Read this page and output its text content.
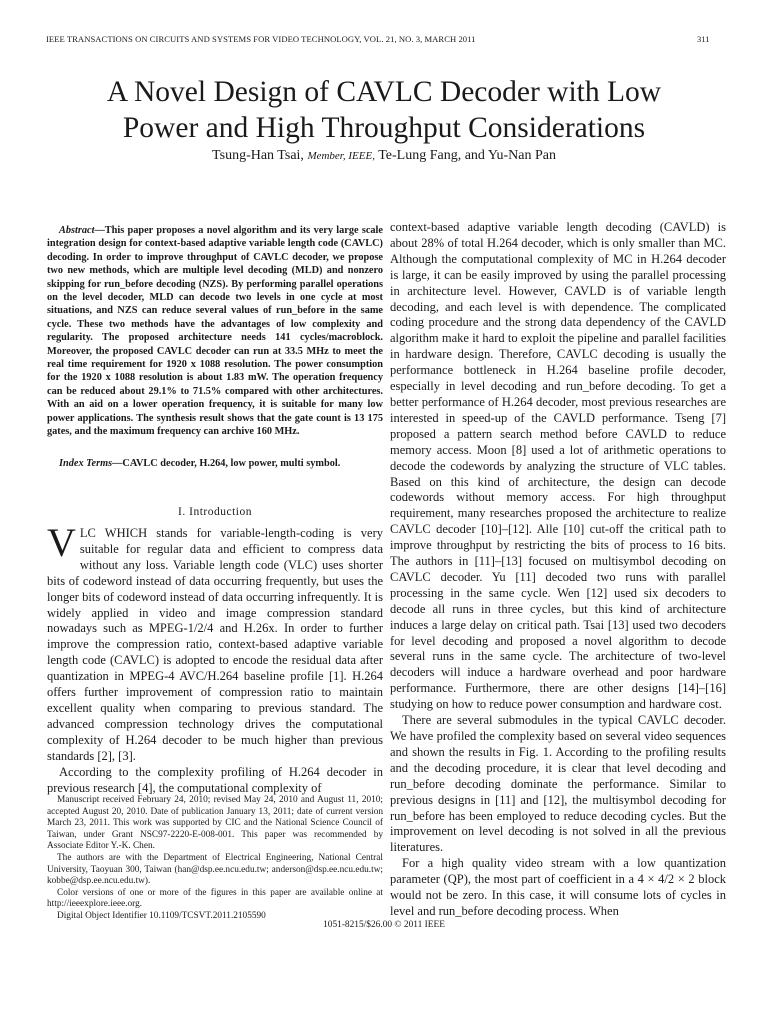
IEEE TRANSACTIONS ON CIRCUITS AND SYSTEMS FOR VIDEO TECHNOLOGY, VOL. 21, NO. 3, MARCH 2011	311
A Novel Design of CAVLC Decoder with Low
Power and High Throughput Considerations
Tsung-Han Tsai, Member, IEEE, Te-Lung Fang, and Yu-Nan Pan
Abstract—This paper proposes a novel algorithm and its very large scale integration design for context-based adaptive variable length code (CAVLC) decoding. In order to improve throughput of CAVLC decoder, we propose two new methods, which are multiple level decoding (MLD) and nonzero skipping for run_before decoding (NZS). By performing parallel operations on the level decoder, MLD can decode two levels in one cycle at most situations, and NZS can reduce several values of run_before in the same cycle. These two methods have the advantages of low complexity and regularity. The proposed architecture needs 141 cycles/macroblock. Moreover, the proposed CAVLC decoder can run at 33.5 MHz to meet the real time requirement for 1920 x 1088 resolution. The power consumption for the 1920 x 1088 resolution is about 1.83 mW. The operation frequency can be reduced about 29.1% to 71.5% compared with other architectures. With an aid on a lower operation frequency, it is suitable for many low power applications. The synthesis result shows that the gate count is 13 175 gates, and the maximum frequency can archive 160 MHz.
Index Terms—CAVLC decoder, H.264, low power, multi symbol.
I. Introduction

VLC WHICH stands for variable-length-coding is very suitable for regular data and efficient to compress data without any loss. Variable length code (VLC) uses shorter bits of codeword instead of data occurring frequently, but uses the longer bits of codeword instead of data occurring infrequently. It is widely applied in video and image compression standard nowadays such as MPEG-1/2/4 and H.26x. In order to further improve the compression ratio, context-based adaptive variable length code (CAVLC) is adopted to encode the residual data after quantization in MPEG-4 AVC/H.264 baseline profile [1]. H.264 offers further improvement of compression ratio to maintain excellent quality when comparing to previous standard. The advanced compression technology drives the computational complexity of H.264 decoder to be much higher than previous standards [2], [3].

According to the complexity profiling of H.264 decoder in previous research [4], the computational complexity of

Manuscript received February 24, 2010; revised May 24, 2010 and August 11, 2010; accepted August 20, 2010. Date of publication January 13, 2011; date of current version March 23, 2011. This work was supported by CIC and the National Science Council of Taiwan, under Grant NSC97-2220-E-008-001. This paper was recommended by Associate Editor Y.-K. Chen.

The authors are with the Department of Electrical Engineering, National Central University, Taoyuan 300, Taiwan (han@dsp.ee.ncu.edu.tw; anderson@dsp.ee.ncu.edu.tw; kobbe@dsp.ee.ncu.edu.tw).

Color versions of one or more of the figures in this paper are available online at http://ieeexplore.ieee.org.

Digital Object Identifier 10.1109/TCSVT.2011.2105590

context-based adaptive variable length decoding (CAVLD) is about 28% of total H.264 decoder, which is only smaller than MC. Although the computational complexity of MC in H.264 decoder is large, it can be easily improved by using the parallel processing in architecture level. However, CAVLD is of variable length decoding, and each level is with dependence. The complicated coding procedure and the strong data dependency of the CAVLD algorithm make it hard to exploit the pipeline and parallel facilities in hardware design. Therefore, CAVLC decoding is usually the performance bottleneck in H.264 baseline profile decoder, especially in level decoding and run_before decoding. To get a better performance of H.264 decoder, most previous researches are interested in speed-up of the CAVLD performance. Tseng [7] proposed a pattern search method before CAVLD to reduce memory access. Moon [8] used a lot of arithmetic operations to decode the codewords by analyzing the structure of VLC tables. Based on this kind of architecture, the design can decode codewords without memory access. For high throughput requirement, many researches proposed the architecture to realize CAVLC decoder [10]–[12]. Alle [10] cut-off the critical path to improve throughput by restricting the bits of process to 16 bits. The authors in [11]–[13] focused on multisymbol decoding on CAVLC decoder. Yu [11] decoded two runs with parallel processing in the same cycle. Wen [12] used six decoders to decode all runs in three cycles, but this kind of architecture induces a large delay on critical path. Tsai [13] used two decoders for level decoding and proposed a novel algorithm to decode several runs in the same cycle. The architecture of two-level decoders will induce a hardware overhead and poor hardware performance. Furthermore, there are other designs [14]–[16] studying on how to reduce power consumption and hardware cost.

There are several submodules in the typical CAVLC decoder. We have profiled the complexity based on several video sequences and shown the results in Fig. 1. According to the profiling results and the decoding procedure, it is clear that level decoding and run_before decoding dominate the performance. Similar to previous designs in [11] and [12], the multisymbol decoding for run_before has been employed to reduce decoding cycles. But the improvement on level decoding is not solved in all the previous literatures.

For a high quality video stream with a low quantization parameter (QP), the most part of coefficient in a 4 × 4/2 × 2 block would not be zero. In this case, it will consume lots of cycles in level and run_before decoding process. When

1051-8215/$26.00 © 2011 IEEE
